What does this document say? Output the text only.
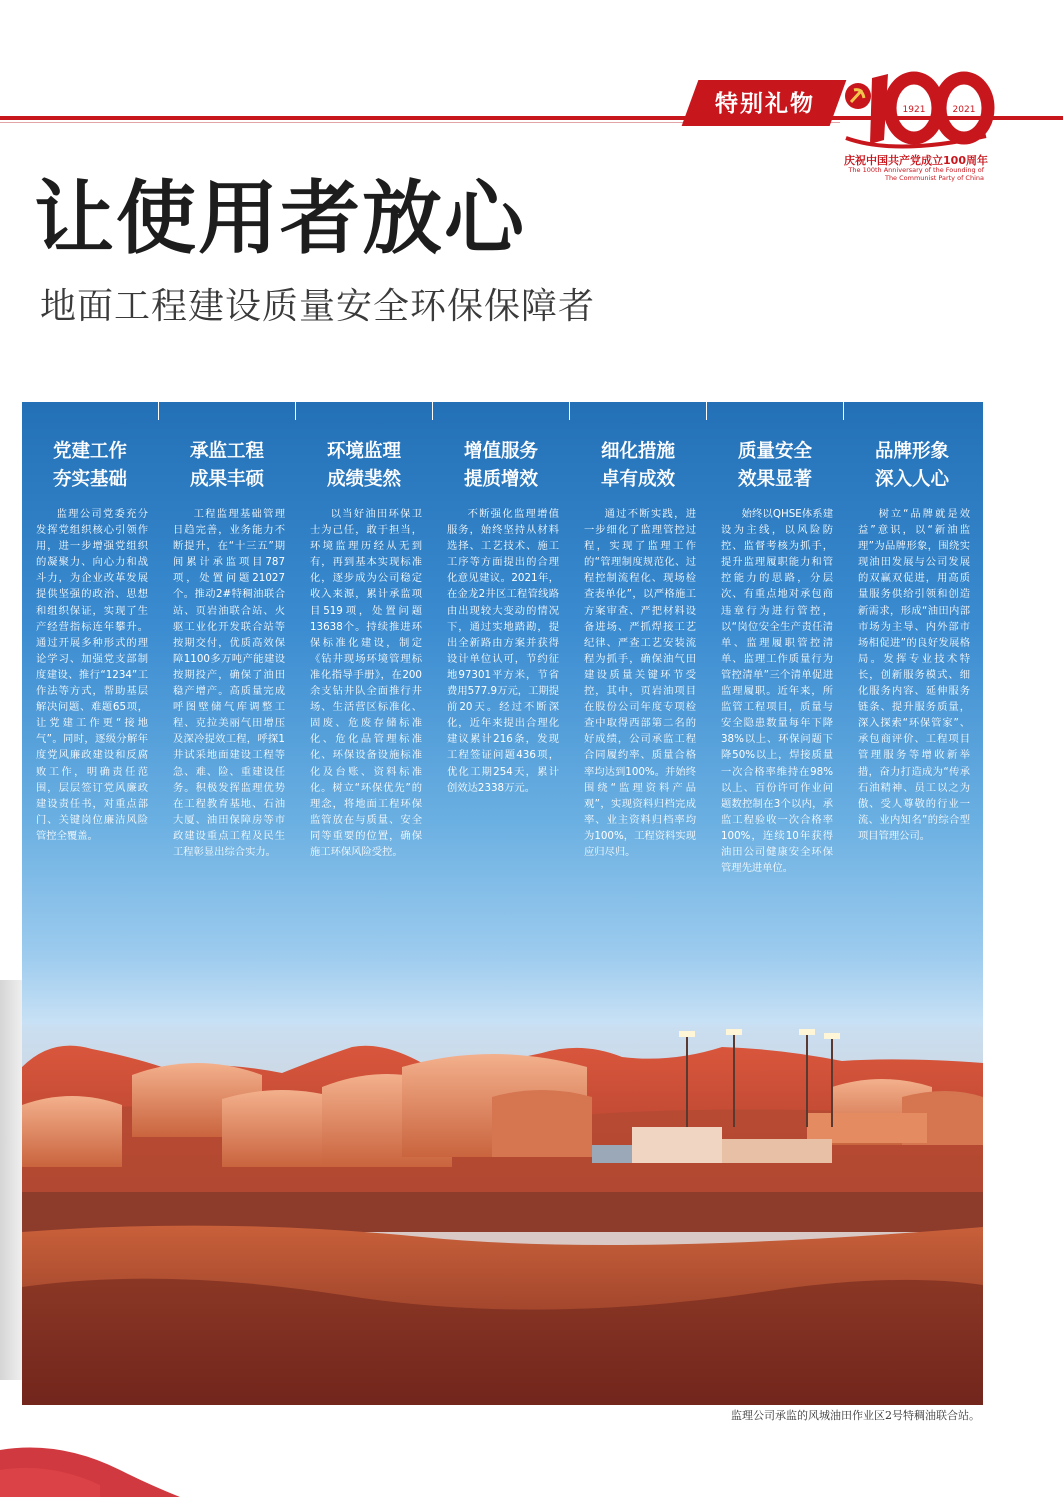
特别礼物	1921	2021
庆祝中国共产党成立100周年
The 100th Anniversary of the Founding of
The Communist Party of China
让使用者放心
地面工程建设质量安全环保保障者
党建工作
夯实基础

监理公司党委充分发挥党组织核心引领作用，进一步增强党组织的凝聚力、向心力和战斗力，为企业改革发展提供坚强的政治、思想和组织保证，实现了生产经营指标连年攀升。通过开展多种形式的理论学习、加强党支部制度建设、推行“1234”工作法等方式，帮助基层解决问题、难题65项，让党建工作更“接地气”。同时，逐级分解年度党风廉政建设和反腐败工作，明确责任范围，层层签订党风廉政建设责任书，对重点部门、关键岗位廉洁风险管控全覆盖。

承监工程
成果丰硕

工程监理基础管理日趋完善，业务能力不断提升，在“十三五”期间累计承监项目787项，处置问题21027个。推动2#特稠油联合站、页岩油联合站、火驱工业化开发联合站等按期交付，优质高效保障1100多万吨产能建设按期投产，确保了油田稳产增产。高质量完成呼图壁储气库调整工程、克拉美丽气田增压及深冷提效工程，呼探1井试采地面建设工程等急、难、险、重建设任务。积极发挥监理优势在工程教育基地、石油大厦、油田保障房等市政建设重点工程及民生工程彰显出综合实力。

环境监理
成绩斐然

以当好油田环保卫士为己任，敢于担当，环境监理历经从无到有，再到基本实现标准化，逐步成为公司稳定收入来源，累计承监项目519项，处置问题13638个。持续推进环保标准化建设，制定《钻井现场环境管理标准化指导手册》，在200余支钻井队全面推行井场、生活营区标准化、固废、危废存储标准化、危化品管理标准化、环保设备设施标准化及台账、资料标准化。树立“环保优先”的理念，将地面工程环保监管放在与质量、安全同等重要的位置，确保施工环保风险受控。

增值服务
提质增效

不断强化监理增值服务，始终坚持从材料选择、工艺技术、施工工序等方面提出的合理化意见建议。2021年，在金龙2井区工程管线路由出现较大变动的情况下，通过实地踏勘，提出全新路由方案并获得设计单位认可，节约征地97301平方米，节省费用577.9万元，工期提前20天。经过不断深化，近年来提出合理化建议累计216条，发现工程签证问题436项，优化工期254天，累计创效达2338万元。

细化措施
卓有成效

通过不断实践，进一步细化了监理管控过程，实现了监理工作的“管理制度规范化、过程控制流程化、现场检查表单化”，以严格施工方案审查、严把材料设备进场、严抓焊接工艺纪律、严查工艺安装流程为抓手，确保油气田建设质量关键环节受控，其中，页岩油项目在股份公司年度专项检查中取得西部第二名的好成绩，公司承监工程合同履约率、质量合格率均达到100%。并始终围绕“监理资料产品观”，实现资料归档完成率、业主资料归档率均为100%，工程资料实现应归尽归。

质量安全
效果显著

始终以QHSE体系建设为主线，以风险防控、监督考核为抓手，提升监理履职能力和管控能力的思路，分层次、有重点地对承包商违章行为进行管控，以“岗位安全生产责任清单、监理履职管控清单、监理工作质量行为管控清单”三个清单促进监理履职。近年来，所监管工程项目，质量与安全隐患数量每年下降38%以上、环保问题下降50%以上，焊接质量一次合格率维持在98%以上、百份许可作业问题数控制在3个以内，承监工程验收一次合格率100%，连续10年获得油田公司健康安全环保管理先进单位。

品牌形象
深入人心

树立“品牌就是效益”意识，以“新油监理”为品牌形象，围绕实现油田发展与公司发展的双赢双促进，用高质量服务供给引领和创造新需求，形成“油田内部市场为主导、内外部市场相促进”的良好发展格局。发挥专业技术特长，创新服务模式、细化服务内容、延伸服务链条、提升服务质量，深入探索“环保管家”、承包商评价、工程项目管理服务等增收新举措，奋力打造成为“传承石油精神、员工以之为傲、受人尊敬的行业一流、业内知名”的综合型项目管理公司。

监理公司承监的风城油田作业区2号特稠油联合站。
